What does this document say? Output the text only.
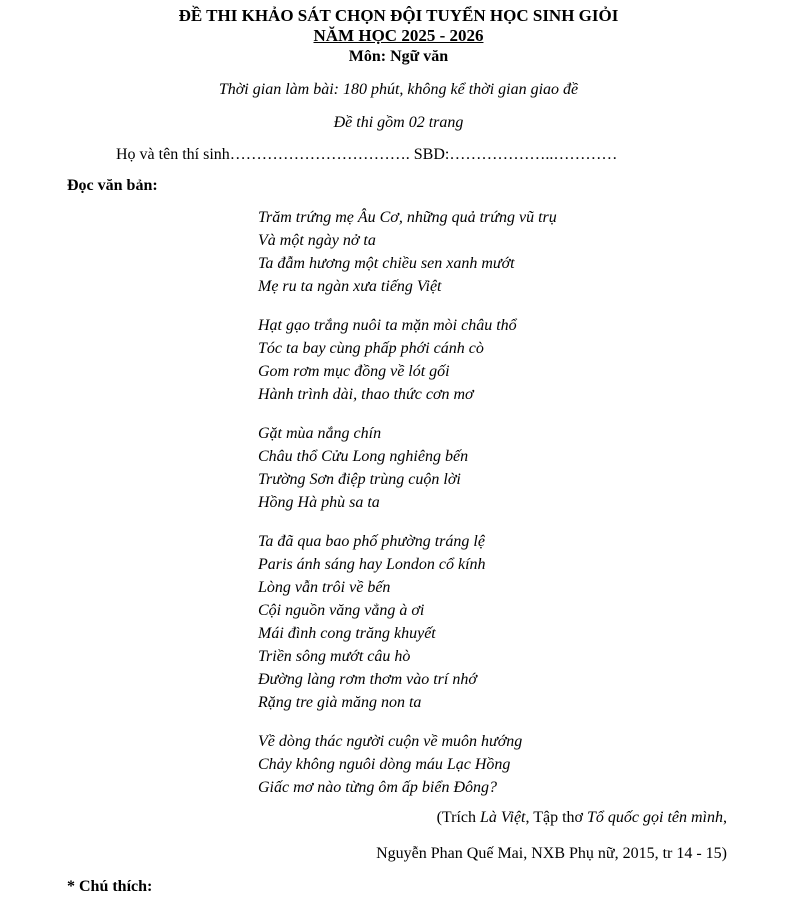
ĐỀ THI KHẢO SÁT CHỌN ĐỘI TUYỂN HỌC SINH GIỎI
NĂM HỌC 2025 - 2026
Môn: Ngữ văn
Thời gian làm bài: 180 phút, không kể thời gian giao đề
Đề thi gồm 02 trang
Họ và tên thí sinh……………………………. SBD:………………..…………
Đọc văn bản:
Trăm trứng mẹ Âu Cơ, những quả trứng vũ trụ
Và một ngày nở ta
Ta đẫm hương một chiều sen xanh mướt
Mẹ ru ta ngàn xưa tiếng Việt
Hạt gạo trắng nuôi ta mặn mòi châu thổ
Tóc ta bay cùng phấp phới cánh cò
Gom rơm mục đồng về lót gối
Hành trình dài, thao thức cơn mơ
Gặt mùa nắng chín
Châu thổ Cửu Long nghiêng bến
Trường Sơn điệp trùng cuộn lời
Hồng Hà phù sa ta
Ta đã qua bao phố phường tráng lệ
Paris ánh sáng hay London cổ kính
Lòng vẫn trôi về bến
Cội nguồn văng vẳng à ơi
Mái đình cong trăng khuyết
Triền sông mướt câu hò
Đường làng rơm thơm vào trí nhớ
Rặng tre già măng non ta
Về dòng thác người cuộn về muôn hướng
Chảy không nguôi dòng máu Lạc Hồng
Giấc mơ nào từng ôm ấp biển Đông?
(Trích Là Việt, Tập thơ Tổ quốc gọi tên mình,
Nguyễn Phan Quế Mai, NXB Phụ nữ, 2015, tr 14 - 15)
* Chú thích:
